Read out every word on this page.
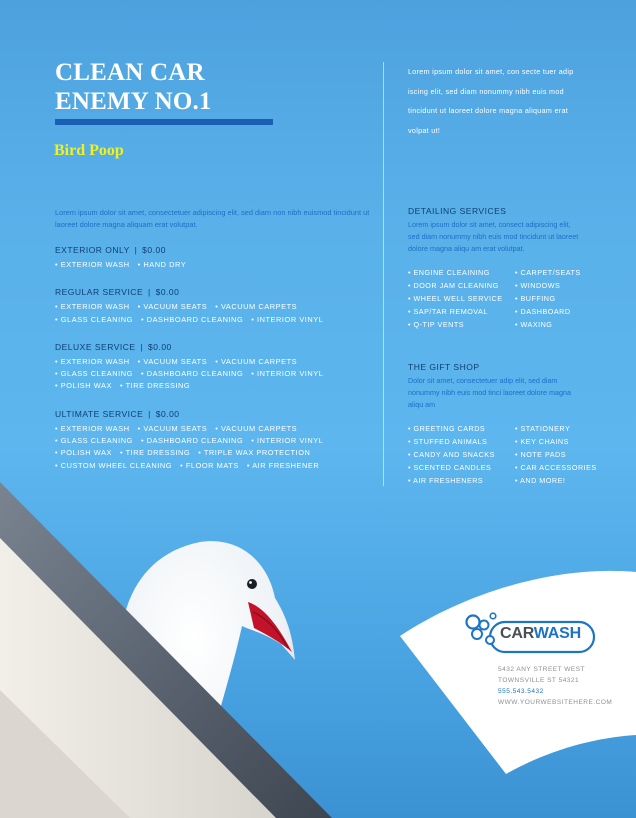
CLEAN CAR
ENEMY NO.1
Bird Poop

Lorem ipsum dolor sit amet, consectetuer adipiscing elit, sed diam non nibh euismod tincidunt ut laoreet dolore magna aliquam erat volutpat.

EXTERIOR ONLY | $0.00
• EXTERIOR WASH	• HAND DRY
REGULAR SERVICE | $0.00
• EXTERIOR WASH	• VACUUM SEATS	• VACUUM CARPETS
• GLASS CLEANING	• DASHBOARD CLEANING	• INTERIOR VINYL
DELUXE SERVICE | $0.00
• EXTERIOR WASH	• VACUUM SEATS	• VACUUM CARPETS
• GLASS CLEANING	• DASHBOARD CLEANING	• INTERIOR VINYL
• POLISH WAX	• TIRE DRESSING
ULTIMATE SERVICE | $0.00
• EXTERIOR WASH	• VACUUM SEATS	• VACUUM CARPETS
• GLASS CLEANING	• DASHBOARD CLEANING	• INTERIOR VINYL
• POLISH WAX	• TIRE DRESSING	• TRIPLE WAX PROTECTION
• CUSTOM WHEEL CLEANING	• FLOOR MATS	• AIR FRESHENER

Lorem ipsum dolor sit amet, con secte tuer adip iscing elit, sed diam nonummy nibh euis mod tincidunt ut laoreet dolore magna aliquam erat volpat ut!

DETAILING SERVICES
Lorem ipsum dolor sit amet, consect adipiscing elit, sed diam nonummy nibh euis mod tincidunt ut laoreet dolore magna aliqu am erat volutpat.
• ENGINE CLEAINING	• CARPET/SEATS
• DOOR JAM CLEANING	• WINDOWS
• WHEEL WELL SERVICE	• BUFFING
• SAP/TAR REMOVAL	• DASHBOARD
• Q-TIP VENTS	• WAXING
THE GIFT SHOP
Dolor sit amet, consectetuer adip elit, sed diam nonummy nibh euis mod tinci laoreet dolore magna aliqu am
• GREETING CARDS	• STATIONERY
• STUFFED ANIMALS	• KEY CHAINS
• CANDY AND SNACKS	• NOTE PADS
• SCENTED CANDLES	• CAR ACCESSORIES
• AIR FRESHENERS	• AND MORE!
CARWASH
5432 ANY STREET WEST
TOWNSVILLE ST 54321
555.543.5432
WWW.YOURWEBSITEHERE.COM
